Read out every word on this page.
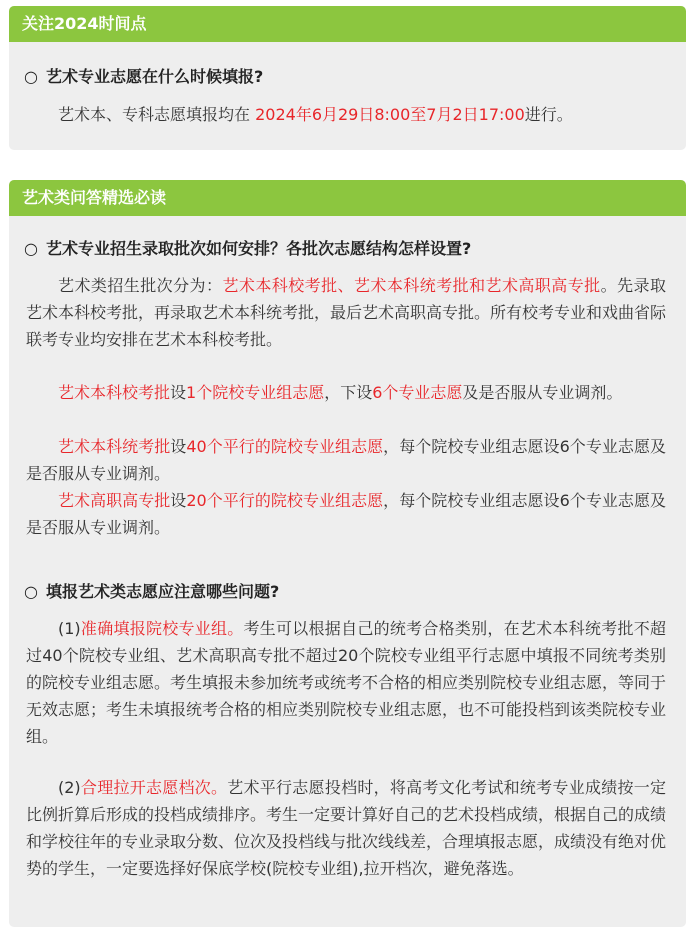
关注2024时间点
○ 艺术专业志愿在什么时候填报?
艺术本、专科志愿填报均在 2024年6月29日8:00至7月2日17:00进行。
艺术类问答精选必读
○ 艺术专业招生录取批次如何安排？各批次志愿结构怎样设置?
艺术类招生批次分为：艺术本科校考批、艺术本科统考批和艺术高职高专批。先录取艺术本科校考批，再录取艺术本科统考批，最后艺术高职高专批。所有校考专业和戏曲省际联考专业均安排在艺术本科校考批。
艺术本科校考批设1个院校专业组志愿，下设6个专业志愿及是否服从专业调剂。
艺术本科统考批设40个平行的院校专业组志愿，每个院校专业组志愿设6个专业志愿及是否服从专业调剂。
艺术高职高专批设20个平行的院校专业组志愿，每个院校专业组志愿设6个专业志愿及是否服从专业调剂。
○ 填报艺术类志愿应注意哪些问题?
(1)准确填报院校专业组。考生可以根据自己的统考合格类别，在艺术本科统考批不超过40个院校专业组、艺术高职高专批不超过20个院校专业组平行志愿中填报不同统考类别的院校专业组志愿。考生填报未参加统考或统考不合格的相应类别院校专业组志愿，等同于无效志愿；考生未填报统考合格的相应类别院校专业组志愿，也不可能投档到该类院校专业组。
(2)合理拉开志愿档次。艺术平行志愿投档时，将高考文化考试和统考专业成绩按一定比例折算后形成的投档成绩排序。考生一定要计算好自己的艺术投档成绩，根据自己的成绩和学校往年的专业录取分数、位次及投档线与批次线线差，合理填报志愿，成绩没有绝对优势的学生，一定要选择好保底学校(院校专业组),拉开档次，避免落选。
